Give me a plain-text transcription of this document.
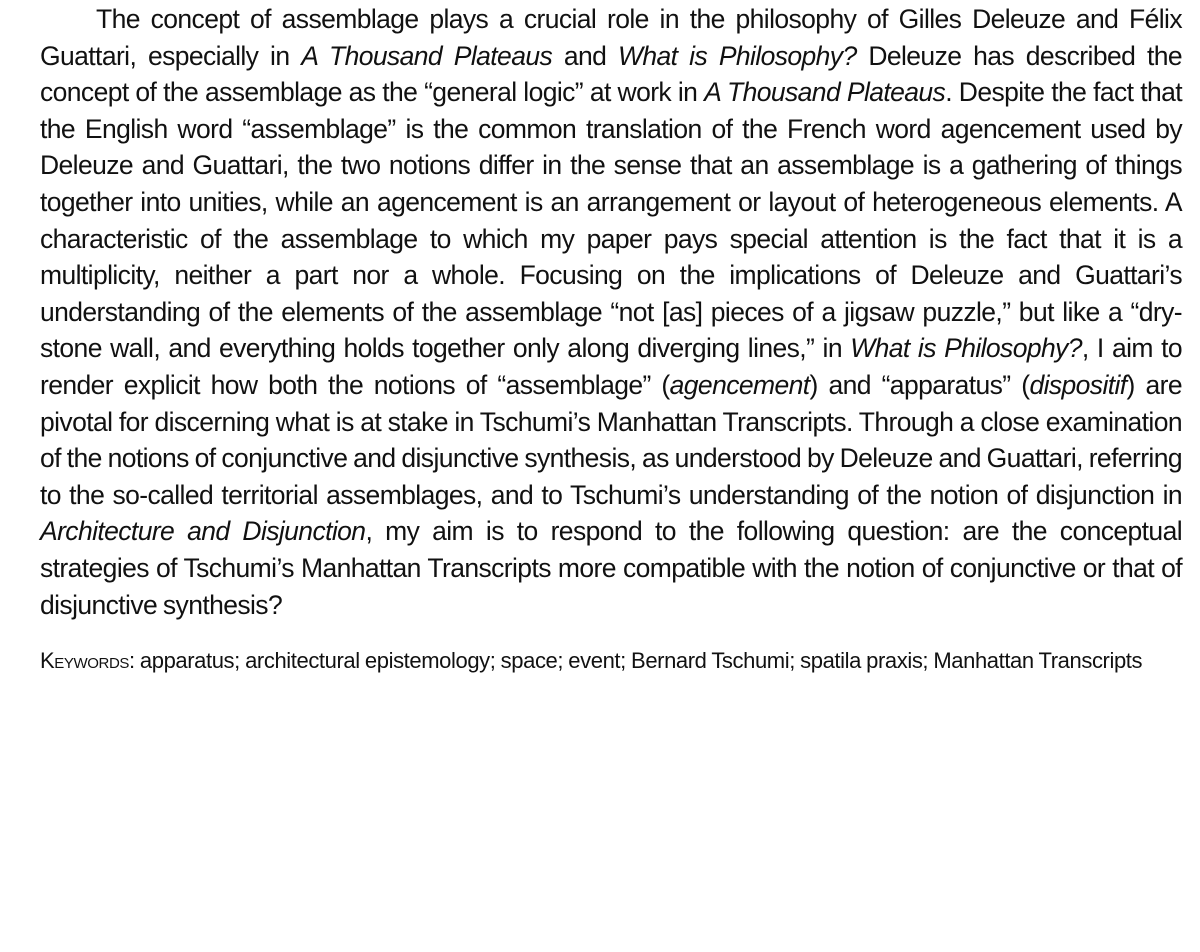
The concept of assemblage plays a crucial role in the philosophy of Gilles Deleuze and Félix Guattari, especially in A Thousand Plateaus and What is Philosophy? Deleuze has described the concept of the assemblage as the “general logic” at work in A Thousand Plateaus. Despite the fact that the English word “assemblage” is the common translation of the French word agencement used by Deleuze and Guattari, the two notions differ in the sense that an assemblage is a gathering of things together into unities, while an agencement is an arrangement or layout of heterogeneous elements. A characteristic of the assemblage to which my paper pays special attention is the fact that it is a multiplicity, neither a part nor a whole. Focusing on the implications of Deleuze and Guattari’s understanding of the elements of the assemblage “not [as] pieces of a jigsaw puzzle,” but like a “dry-stone wall, and everything holds together only along diverging lines,” in What is Philosophy?, I aim to render explicit how both the notions of “assemblage” (agencement) and “apparatus” (dispositif) are pivotal for discerning what is at stake in Tschumi’s Manhattan Transcripts. Through a close examination of the notions of conjunctive and disjunctive synthesis, as understood by Deleuze and Guattari, referring to the so-called territorial assemblages, and to Tschumi’s understanding of the notion of disjunction in Architecture and Disjunction, my aim is to respond to the following question: are the conceptual strategies of Tschumi’s Manhattan Transcripts more compatible with the notion of conjunctive or that of disjunctive synthesis?

Keywords: apparatus; architectural epistemology; space; event; Bernard Tschumi; spatila praxis; Manhattan Transcripts
